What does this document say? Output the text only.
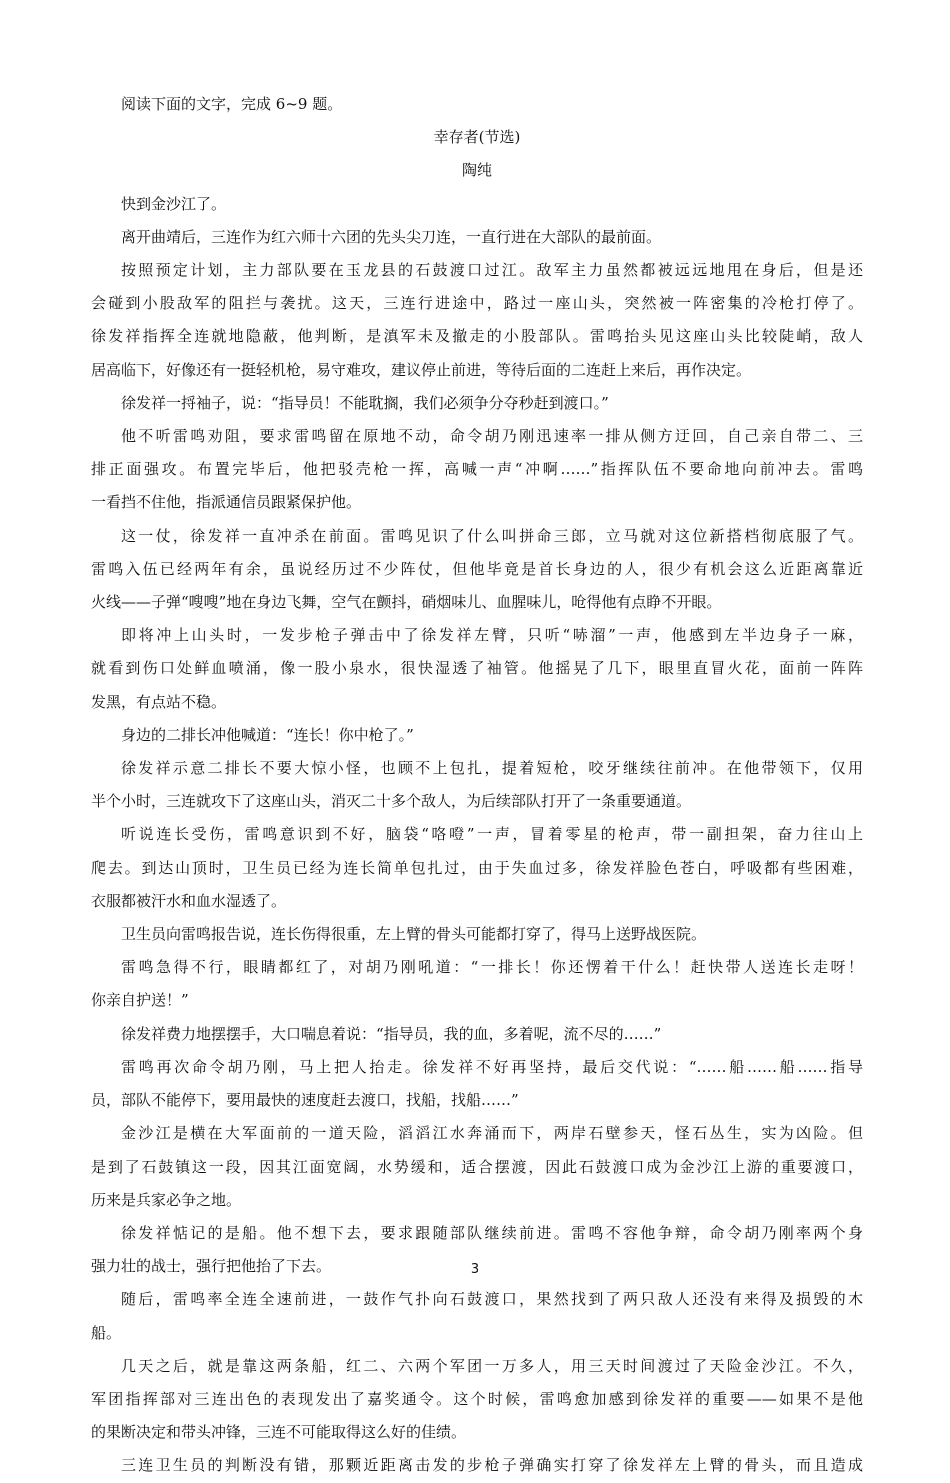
阅读下面的文字，完成 6~9 题。
幸存者(节选)
陶纯
快到金沙江了。
离开曲靖后，三连作为红六师十六团的先头尖刀连，一直行进在大部队的最前面。
按照预定计划，主力部队要在玉龙县的石鼓渡口过江。敌军主力虽然都被远远地甩在身后，但是还
会碰到小股敌军的阻拦与袭扰。这天，三连行进途中，路过一座山头，突然被一阵密集的冷枪打停了。
徐发祥指挥全连就地隐蔽，他判断，是滇军未及撤走的小股部队。雷鸣抬头见这座山头比较陡峭，敌人
居高临下，好像还有一挺轻机枪，易守难攻，建议停止前进，等待后面的二连赶上来后，再作决定。
徐发祥一捋袖子，说：“指导员！不能耽搁，我们必须争分夺秒赶到渡口。”
他不听雷鸣劝阻，要求雷鸣留在原地不动，命令胡乃刚迅速率一排从侧方迂回，自己亲自带二、三
排正面强攻。布置完毕后，他把驳壳枪一挥，高喊一声“冲啊……”指挥队伍不要命地向前冲去。雷鸣
一看挡不住他，指派通信员跟紧保护他。
这一仗，徐发祥一直冲杀在前面。雷鸣见识了什么叫拼命三郎，立马就对这位新搭档彻底服了气。
雷鸣入伍已经两年有余，虽说经历过不少阵仗，但他毕竟是首长身边的人，很少有机会这么近距离靠近
火线——子弹“嗖嗖”地在身边飞舞，空气在颤抖，硝烟味儿、血腥味儿，呛得他有点睁不开眼。
即将冲上山头时，一发步枪子弹击中了徐发祥左臂，只听“哧溜”一声，他感到左半边身子一麻，
就看到伤口处鲜血喷涌，像一股小泉水，很快湿透了袖管。他摇晃了几下，眼里直冒火花，面前一阵阵
发黑，有点站不稳。
身边的二排长冲他喊道：“连长！你中枪了。”
徐发祥示意二排长不要大惊小怪，也顾不上包扎，提着短枪，咬牙继续往前冲。在他带领下，仅用
半个小时，三连就攻下了这座山头，消灭二十多个敌人，为后续部队打开了一条重要通道。
听说连长受伤，雷鸣意识到不好，脑袋“咯噔”一声，冒着零星的枪声，带一副担架，奋力往山上
爬去。到达山顶时，卫生员已经为连长简单包扎过，由于失血过多，徐发祥脸色苍白，呼吸都有些困难，
衣服都被汗水和血水湿透了。
卫生员向雷鸣报告说，连长伤得很重，左上臂的骨头可能都打穿了，得马上送野战医院。
雷鸣急得不行，眼睛都红了，对胡乃刚吼道：“一排长！你还愣着干什么！赶快带人送连长走呀！
你亲自护送！”
徐发祥费力地摆摆手，大口喘息着说：“指导员，我的血，多着呢，流不尽的……”
雷鸣再次命令胡乃刚，马上把人抬走。徐发祥不好再坚持，最后交代说：“……船……船……指导
员，部队不能停下，要用最快的速度赶去渡口，找船，找船……”
金沙江是横在大军面前的一道天险，滔滔江水奔涌而下，两岸石壁参天，怪石丛生，实为凶险。但
是到了石鼓镇这一段，因其江面宽阔，水势缓和，适合摆渡，因此石鼓渡口成为金沙江上游的重要渡口，
历来是兵家必争之地。
徐发祥惦记的是船。他不想下去，要求跟随部队继续前进。雷鸣不容他争辩，命令胡乃刚率两个身
强力壮的战士，强行把他抬了下去。
随后，雷鸣率全连全速前进，一鼓作气扑向石鼓渡口，果然找到了两只敌人还没有来得及损毁的木
船。
几天之后，就是靠这两条船，红二、六两个军团一万多人，用三天时间渡过了天险金沙江。不久，
军团指挥部对三连出色的表现发出了嘉奖通令。这个时候，雷鸣愈加感到徐发祥的重要——如果不是他
的果断决定和带头冲锋，三连不可能取得这么好的佳绩。
三连卫生员的判断没有错，那颗近距离击发的步枪子弹确实打穿了徐发祥左上臂的骨头，而且造成
3
